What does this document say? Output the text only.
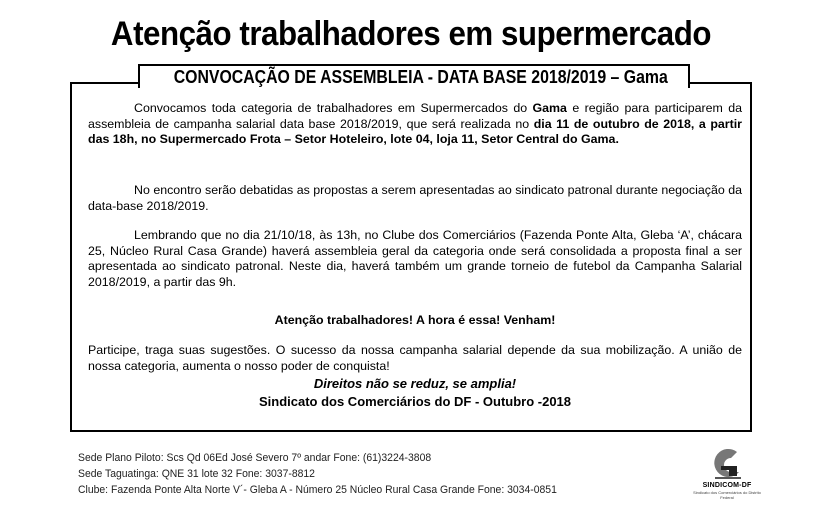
Atenção trabalhadores em supermercado
CONVOCAÇÃO DE ASSEMBLEIA - DATA BASE 2018/2019 – Gama
Convocamos toda categoria de trabalhadores em Supermercados do Gama e região para participarem da assembleia de campanha salarial data base 2018/2019, que será realizada no dia 11 de outubro de 2018, a partir das 18h, no Supermercado Frota – Setor Hoteleiro, lote 04, loja 11, Setor Central do Gama.
No encontro serão debatidas as propostas a serem apresentadas ao sindicato patronal durante negociação da data-base 2018/2019.
Lembrando que no dia 21/10/18, às 13h, no Clube dos Comerciários (Fazenda Ponte Alta, Gleba ‘A’, chácara 25, Núcleo Rural Casa Grande) haverá assembleia geral da categoria onde será consolidada a proposta final a ser apresentada ao sindicato patronal. Neste dia, haverá também um grande torneio de futebol da Campanha Salarial 2018/2019, a partir das 9h.
Atenção trabalhadores! A hora é essa! Venham!
Participe, traga suas sugestões. O sucesso da nossa campanha salarial depende da sua mobilização. A união de nossa categoria, aumenta o nosso poder de conquista!
Direitos não se reduz, se amplia!
Sindicato dos Comerciários do DF - Outubro -2018
Sede Plano Piloto: Scs Qd 06Ed José Severo 7º andar Fone: (61)3224-3808
Sede Taguatinga: QNE 31 lote 32 Fone: 3037-8812
Clube: Fazenda Ponte Alta Norte V´- Gleba A - Número 25 Núcleo Rural Casa Grande Fone: 3034-0851	SINDICOM-DF
Sindicato dos Comerciários do Distrito Federal
